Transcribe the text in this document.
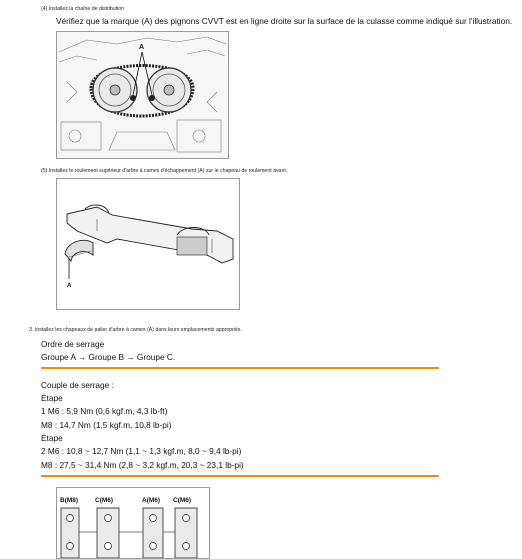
(4) Installez la chaîne de distribution
Vérifiez que la marque (A) des pignons CVVT est en ligne droite sur la surface de la culasse comme indiqué sur l'illustration.
A
(5) Installez le roulement supérieur d'arbre à cames d'échappement (A) sur le chapeau de roulement avant.
A
3. Installez les chapeaux de palier d'arbre à cames (A) dans leurs emplacements appropriés.
Ordre de serrage
Groupe A → Groupe B → Groupe C.
Couple de serrage :
Étape
1 M6 : 5,9 Nm (0,6 kgf.m, 4,3 lb-ft)
M8 : 14,7 Nm (1,5 kgf.m, 10,8 lb-pi)
Étape
2 M6 : 10,8 ~ 12,7 Nm (1,1 ~ 1,3 kgf.m, 8,0 ~ 9,4 lb-pi)
M8 : 27,5 ~ 31,4 Nm (2,8 ~ 3,2 kgf.m, 20,3 ~ 23,1 lb-pi)
B(M8)	C(M6)	A(M6) C(M6)
